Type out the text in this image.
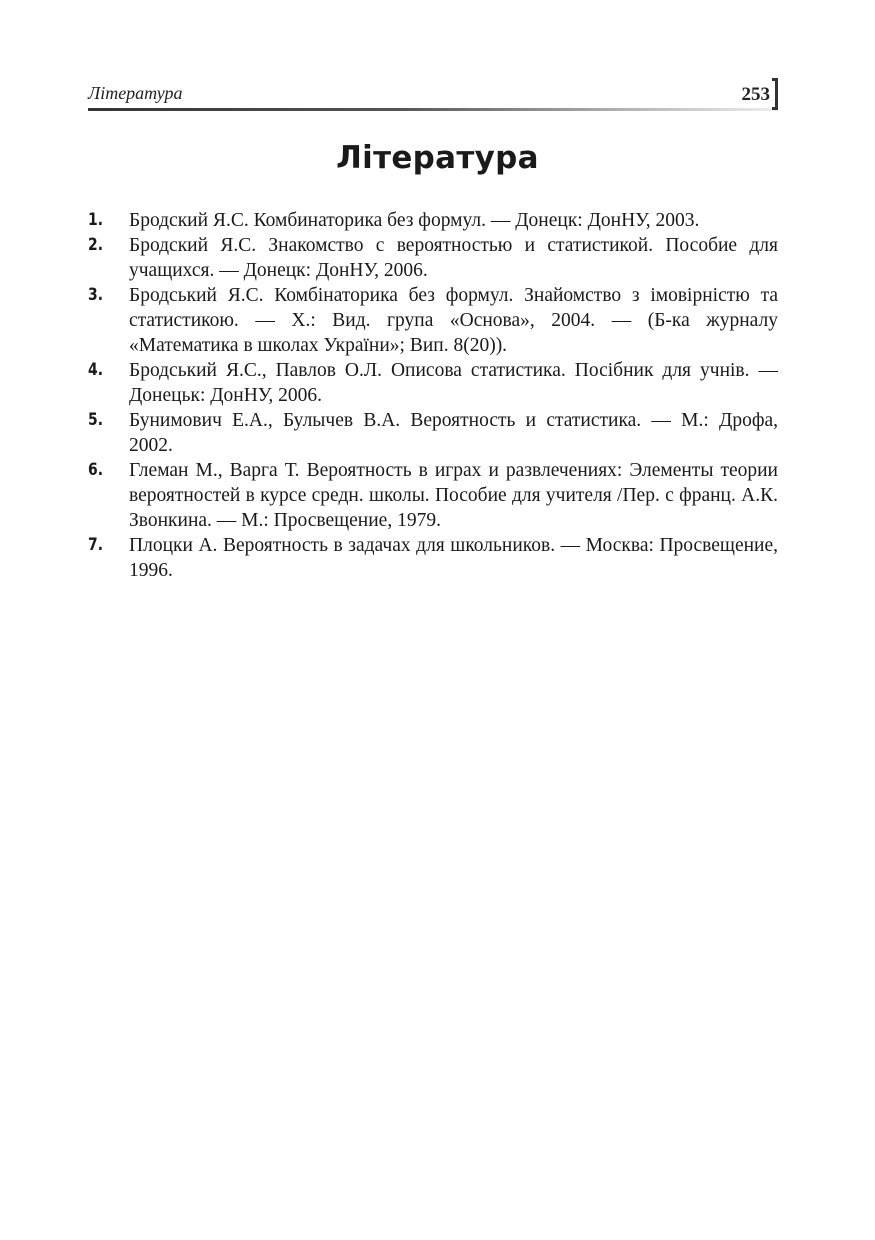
Література	253
Література
1. Бродский Я.С. Комбинаторика без формул. — Донецк: ДонНУ, 2003.
2. Бродский Я.С. Знакомство с вероятностью и статистикой. Пособие для учащихся. — Донецк: ДонНУ, 2006.
3. Бродський Я.С. Комбінаторика без формул. Знайомство з імовірністю та статистикою. — Х.: Вид. група «Основа», 2004. — (Б-ка журналу «Математика в школах України»; Вип. 8(20)).
4. Бродський Я.С., Павлов О.Л. Описова статистика. Посібник для учнів. — Донецьк: ДонНУ, 2006.
5. Бунимович Е.А., Булычев В.А. Вероятность и статистика. — М.: Дрофа, 2002.
6. Глеман М., Варга Т. Вероятность в играх и развлечениях: Элементы теории вероятностей в курсе средн. школы. Пособие для учителя /Пер. с франц. А.К. Звонкина. — М.: Просвещение, 1979.
7. Плоцки А. Вероятность в задачах для школьников. — Москва: Просвещение, 1996.
